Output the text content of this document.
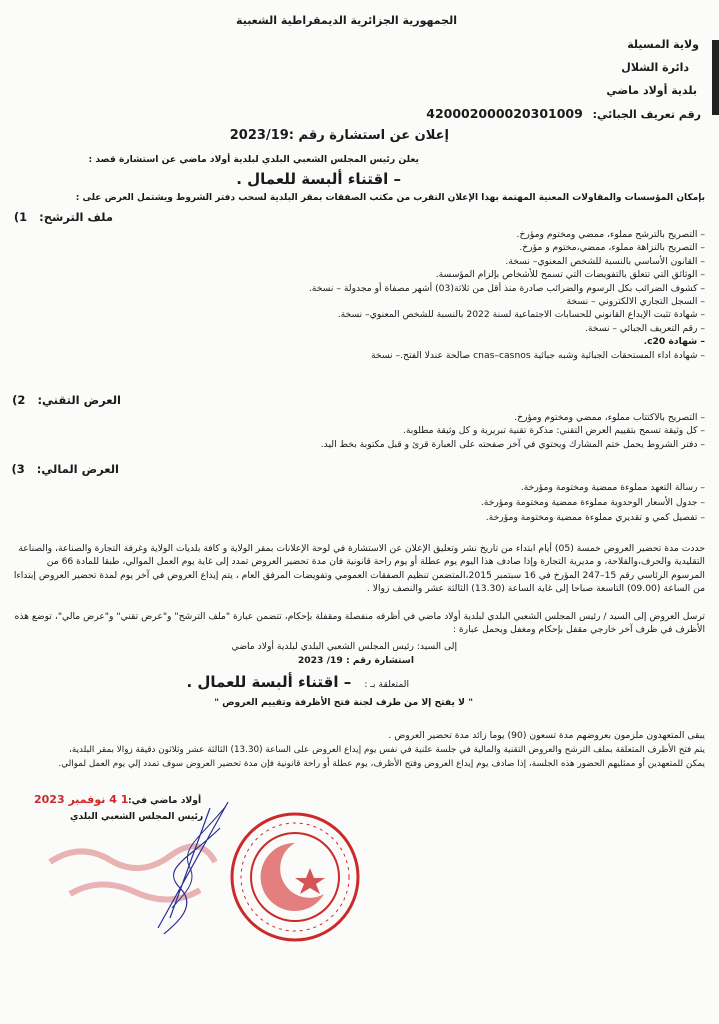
الجمهورية الجزائرية الديمقراطية الشعبية
ولاية المسيلة
دائرة الشلال
بلدية أولاد ماضي
رقم تعريف الجبائي: 420002000020301009
إعلان عن استشارة رقم :2023/19
يعلن رئيس المجلس الشعبي البلدي لبلدية أولاد ماضي عن استشارة قصد :
– اقتناء ألبسة للعمال .
بإمكان المؤسسات والمقاولات المعنية المهتمة بهذا الإعلان التقرب من مكتب الصفقات بمقر البلدية لسحب دفتر الشروط ويشتمل العرض على :
ملف الترشح: 1)
– التصريح بالترشح مملوء، ممضي ومختوم ومؤرخ.
– التصريح بالنزاهة مملوء، ممضي،مختوم و مؤرخ.
– القانون الأساسي بالنسبة للشخص المعنوي– نسخة.
– الوثائق التي تتعلق بالتفويضات التي تسمح للأشخاص بإلزام المؤسسة.
– كشوف الضرائب بكل الرسوم والضرائب صادرة منذ أقل من ثلاثة(03) أشهر مصفاة أو مجدولة – نسخة.
– السجل التجاري الالكتروني – نسخة
– شهادة تثبت الإيداع القانوني للحسابات الاجتماعية لسنة 2022 بالنسبة للشخص المعنوي– نسخة.
– رقم التعريف الجبائي – نسخة.
– شهادة c20.
– شهادة اداء المستحقات الجبائية وشبه جبائية cnas–casnos صالحة عندلا الفتح.– نسخة
العرض التقني: 2)
– التصريح بالاكتتاب مملوء، ممضي ومختوم ومؤرخ.
– كل وثيقة تسمح بتقييم العرض التقني: مذكرة تقنية تبريرية و كل وثيقة مطلوبة.
– دفتر الشروط يحمل ختم المشارك ويحتوي في آخر صفحته على العبارة قرئ و قبل مكتوبة بخط اليد.
العرض المالي: 3)
– رسالة التعهد مملوءة ممضية ومختومة ومؤرخة.
– جدول الأسعار الوحدوية مملوءة ممضية ومختومة ومؤرخة.
– تفصيل كمي و تقديري مملوءة ممضية ومختومة ومؤرخة.
حددت مدة تحضير العروض خمسة (05) أيام ابتداء من تاريخ نشر وتعليق الإعلان عن الاستشارة في لوحة الإعلانات بمقر الولاية و كافة بلديات الولاية وغرفة التجارة والصناعة، والصناعة التقليدية والحرف،والفلاحة، و مديرية التجارة وإذا صادف هذا اليوم يوم عطلة أو يوم راحة قانونية فان مدة تحضير العروض تمدد إلى غاية يوم العمل الموالي، طبقا للمادة 66 من المرسوم الرئاسي رقم 15–247 المؤرخ في 16 سبتمبر 2015،المتضمن تنظيم الصفقات العمومي وتفويضات المرفق العام ، يتم إيداع العروض في آخر يوم لمدة تحضير العروض إبتداءا من الساعة (09.00) التاسعة صباحا إلى غاية الساعة (13.30) الثالثة عشر والنصف زوالا .
ترسل العروض إلى السيد / رئيس المجلس الشعبي البلدي لبلدية أولاد ماضي في أظرفه منفصلة ومقفلة بإحكام، تتضمن عبارة "ملف الترشح" و"عرض تقني" و"عرض مالي"، توضع هذه الأظرف في ظرف آخر خارجي مقفل بإحكام ومغفل ويحمل عبارة :
إلى السيد: رئيس المجلس الشعبي البلدي لبلدية أولاد ماضي
استشارة رقم : 19/ 2023
المتعلقة بـ : – اقتناء ألبسة للعمال .
" لا يفتح إلا من طرف لجنة فتح الأظرفة وتقييم العروض "
يبقى المتعهدون ملزمون بعروضهم مدة تسعون (90) يوما زائد مدة تحضير العروض .
يتم فتح الأظرف المتعلقة بملف الترشح والعروض التقنية والمالية في جلسة علنية في نفس يوم إيداع العروض على الساعة (13.30) الثالثة عشر وثلاثون دقيقة زوالا بمقر البلدية،
يمكن للمتعهدين أو ممثليهم الحضور هذه الجلسة، إذا صادف يوم إيداع العروض وفتح الأظرف، يوم عطلة أو راحة قانونية فإن مدة تحضير العروض سوف تمدد إلي يوم العمل لموالي.
أولاد ماضي في:
1 4 نوفمبر 2023
رئيس المجلس الشعبي البلدي
